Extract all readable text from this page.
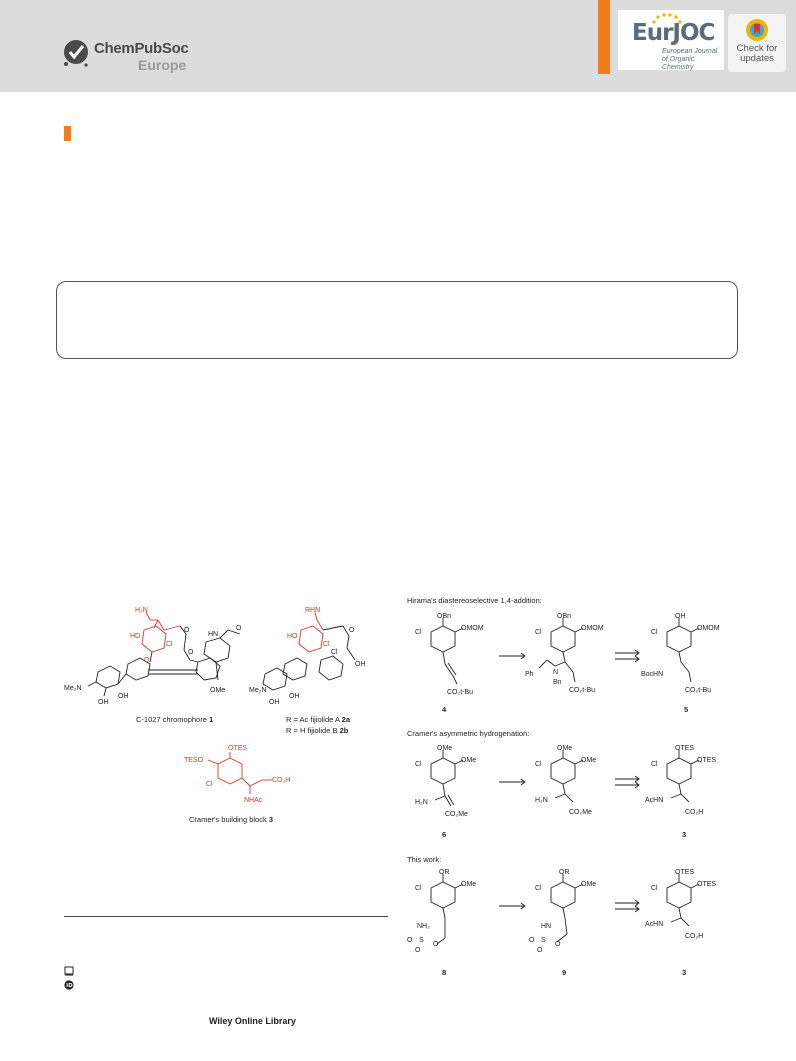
ChemPubSoc
Europe
EurJOC
European Journal of Organic Chemistry
Check for updates
H₂N
HO
Cl
O
O
O
HN
O
OMe
Me₂N
OH
OH
C-1027 chromophore 1
RHN
HO
Cl
Cl
O
OH
Me₂N
OH
OH
R = Ac fijiolide A 2a
R = H fijiolide B 2b
OTES
TESO
Cl
CO₂H
NHAc
Cramer's building block 3
iD
Wiley Online Library
Hirama's diastereoselective 1,4-addition:
OBn
OMOM
Cl
CO₂t-Bu
OBn
OMOM
Cl
Ph	N
Bn
CO₂t-Bu
OH
OMOM
Cl
BocHN
CO₂t-Bu
4	5
Cramer's asymmetric hydrogenation:
OMe
OMe
Cl
H₂N
CO₂Me
OMe
OMe
Cl
H₂N
CO₂Me
OTES
OTES
Cl
AcHN
CO₂H
6	3
This work:
OR
OMe
Cl
NH₂
O S
O
O
OR
OMe
Cl
HN
O S
O
O
OTES
OTES
Cl
AcHN
CO₂H
8	9	3
